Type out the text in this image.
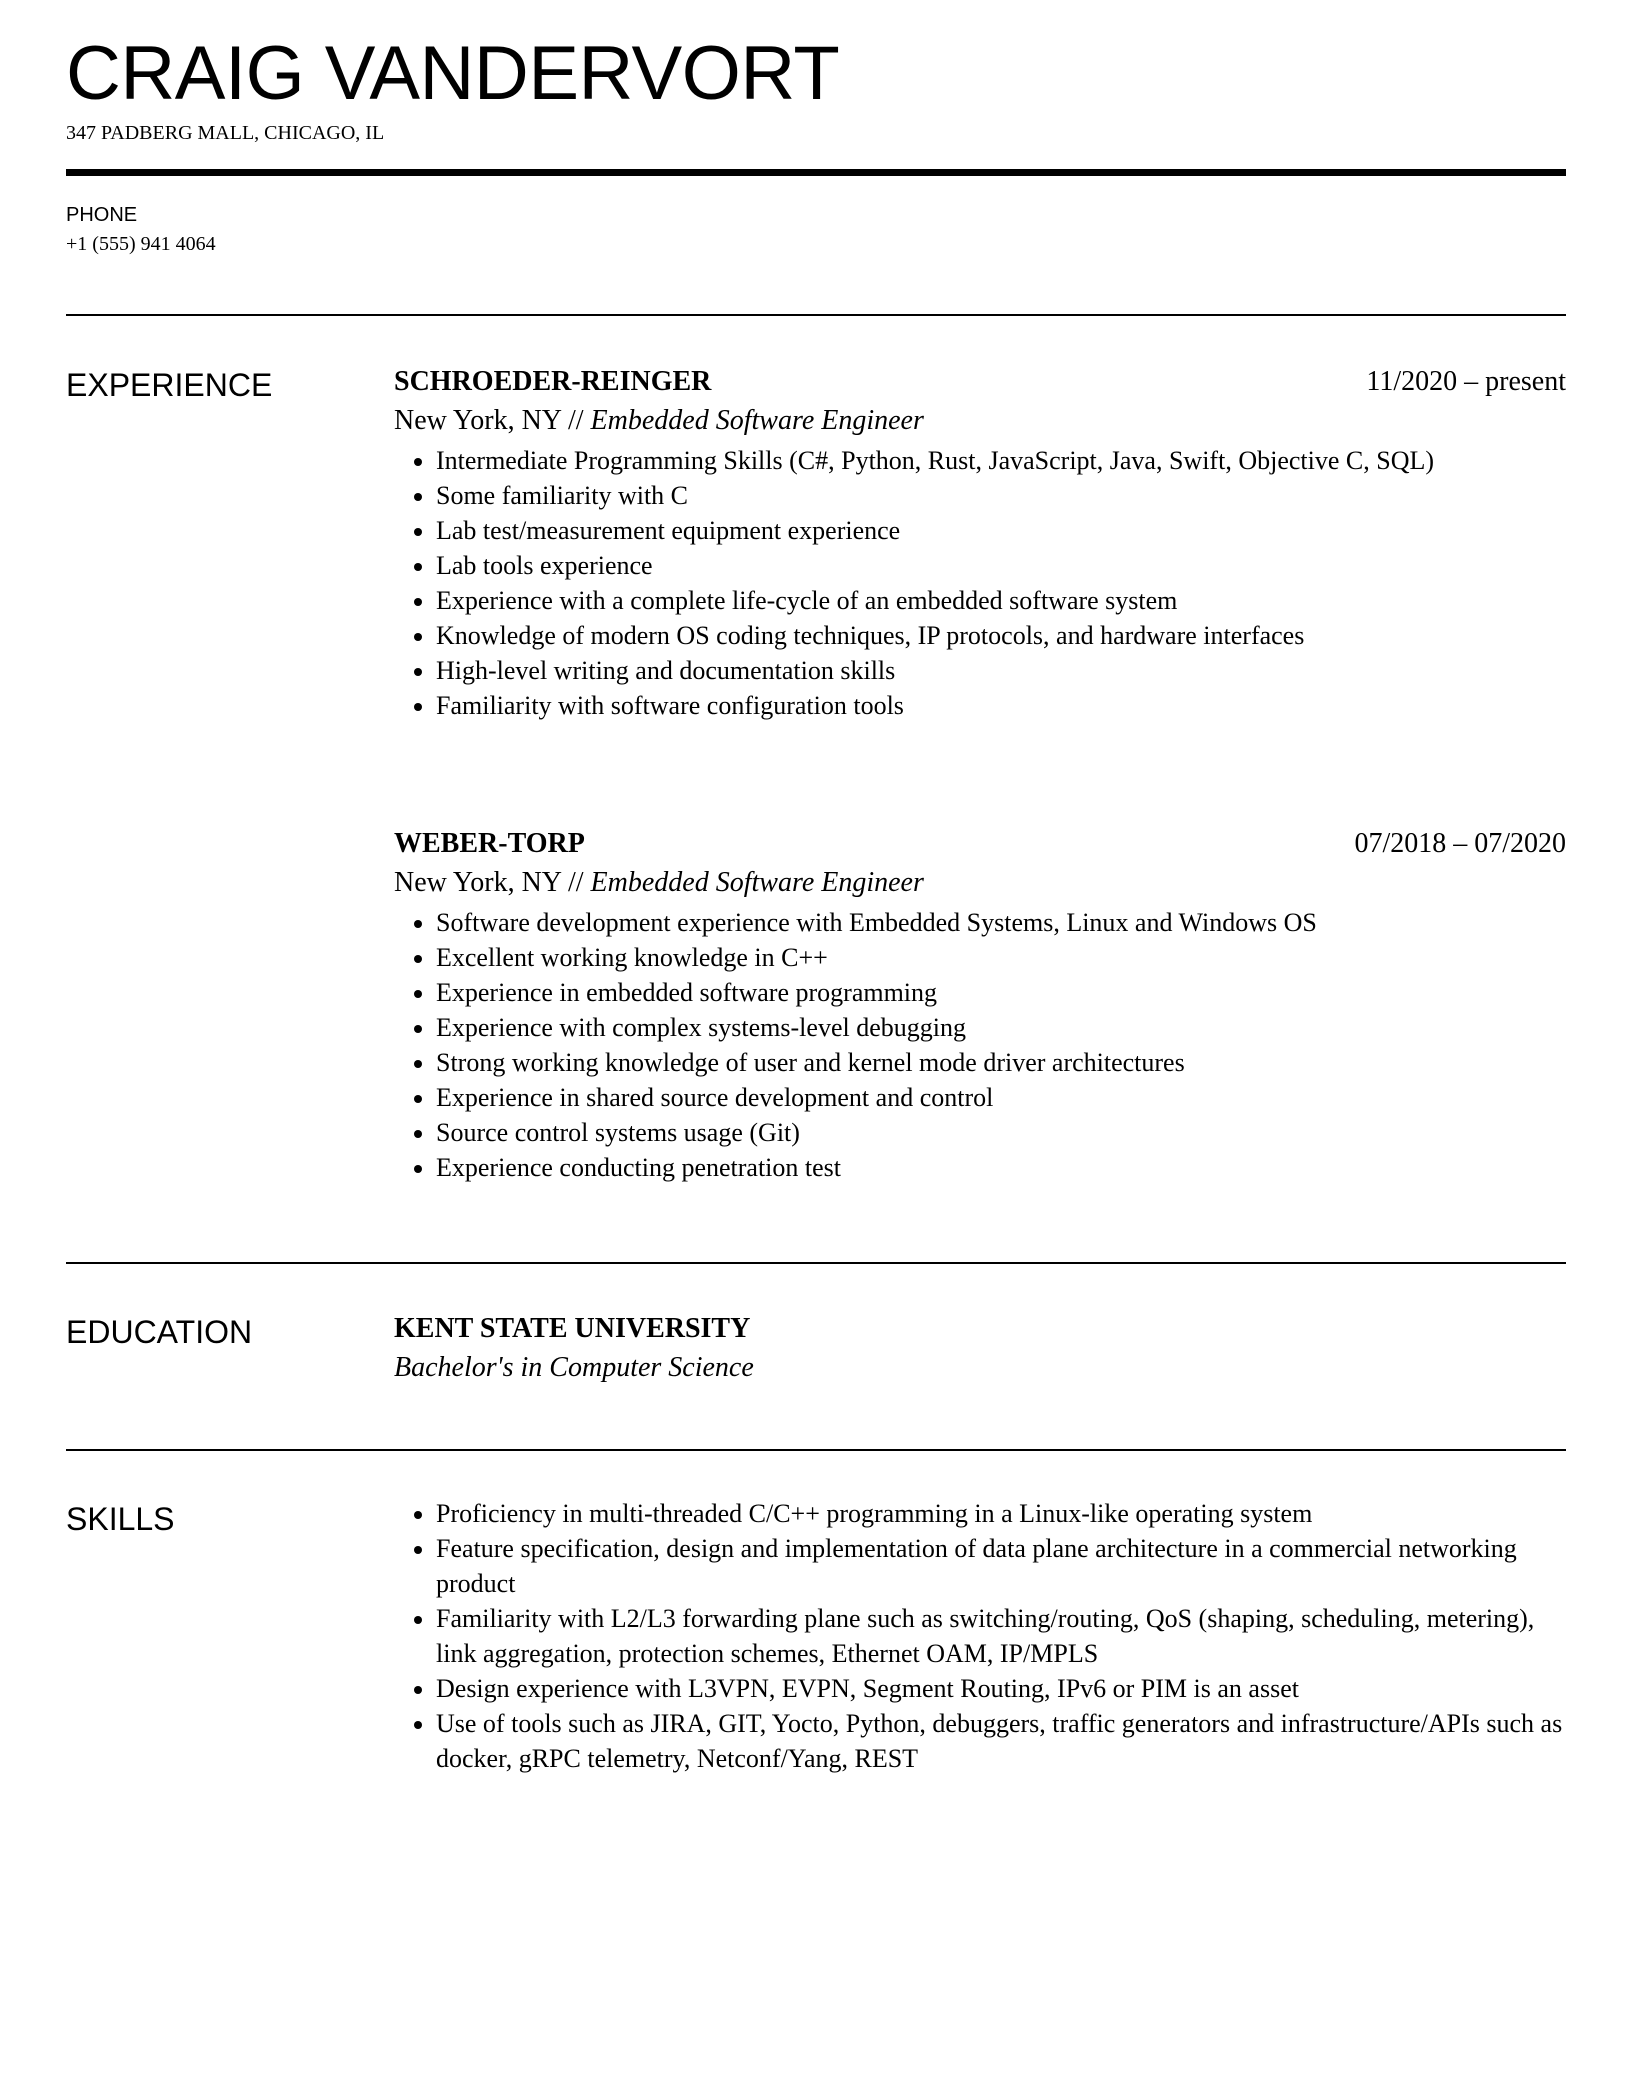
CRAIG VANDERVORT
347 PADBERG MALL, CHICAGO, IL
PHONE
+1 (555) 941 4064
EXPERIENCE	SCHROEDER-REINGER	11/2020 – present
New York, NY // Embedded Software Engineer
• Intermediate Programming Skills (C#, Python, Rust, JavaScript, Java, Swift, Objective C, SQL)
• Some familiarity with C
• Lab test/measurement equipment experience
• Lab tools experience
• Experience with a complete life-cycle of an embedded software system
• Knowledge of modern OS coding techniques, IP protocols, and hardware interfaces
• High-level writing and documentation skills
• Familiarity with software configuration tools
WEBER-TORP	07/2018 – 07/2020
New York, NY // Embedded Software Engineer
• Software development experience with Embedded Systems, Linux and Windows OS
• Excellent working knowledge in C++
• Experience in embedded software programming
• Experience with complex systems-level debugging
• Strong working knowledge of user and kernel mode driver architectures
• Experience in shared source development and control
• Source control systems usage (Git)
• Experience conducting penetration test
EDUCATION	KENT STATE UNIVERSITY
Bachelor's in Computer Science
SKILLS
•	Proficiency in multi-threaded C/C++ programming in a Linux-like operating system
• Feature specification, design and implementation of data plane architecture in a commercial networking product
• Familiarity with L2/L3 forwarding plane such as switching/routing, QoS (shaping, scheduling, metering), link aggregation, protection schemes, Ethernet OAM, IP/MPLS
• Design experience with L3VPN, EVPN, Segment Routing, IPv6 or PIM is an asset
• Use of tools such as JIRA, GIT, Yocto, Python, debuggers, traffic generators and infrastructure/APIs such as docker, gRPC telemetry, Netconf/Yang, REST
